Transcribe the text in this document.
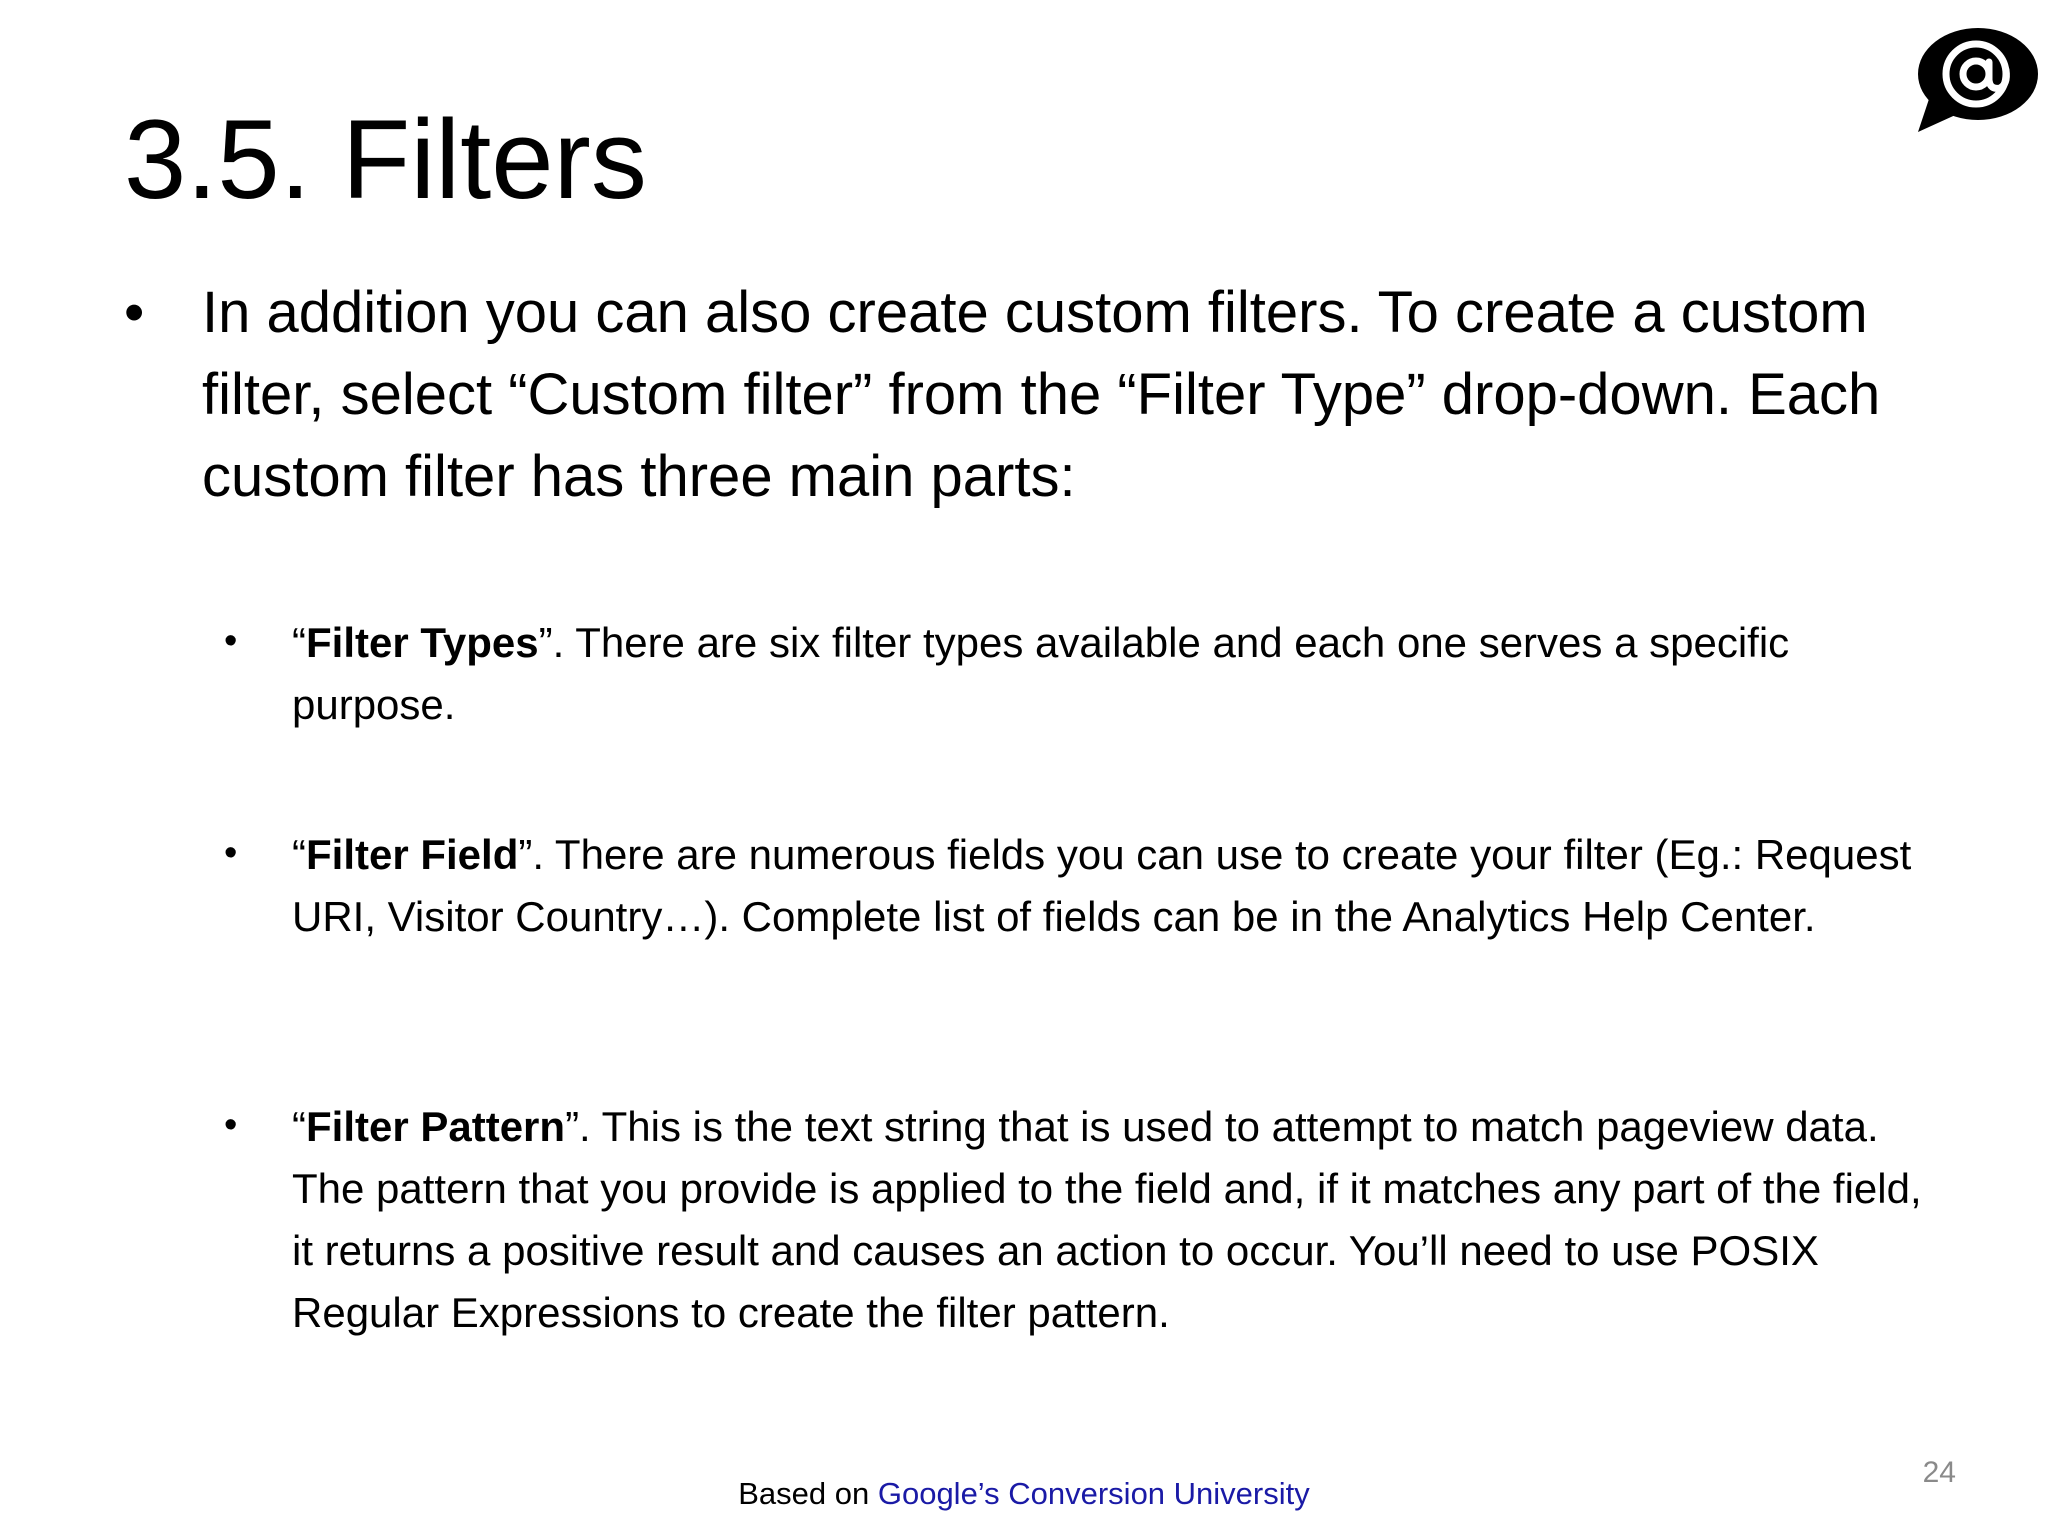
3.5. Filters
• In addition you can also create custom filters. To create a custom filter, select “Custom filter” from the “Filter Type” drop-down. Each custom filter has three main parts:
• “Filter Types”. There are six filter types available and each one serves a specific purpose.
• “Filter Field”. There are numerous fields you can use to create your filter (Eg.: Request URI, Visitor Country…). Complete list of fields can be in the Analytics Help Center.
• “Filter Pattern”. This is the text string that is used to attempt to match pageview data. The pattern that you provide is applied to the field and, if it matches any part of the field, it returns a positive result and causes an action to occur. You’ll need to use POSIX Regular Expressions to create the filter pattern.
24
Based on Google’s Conversion University
